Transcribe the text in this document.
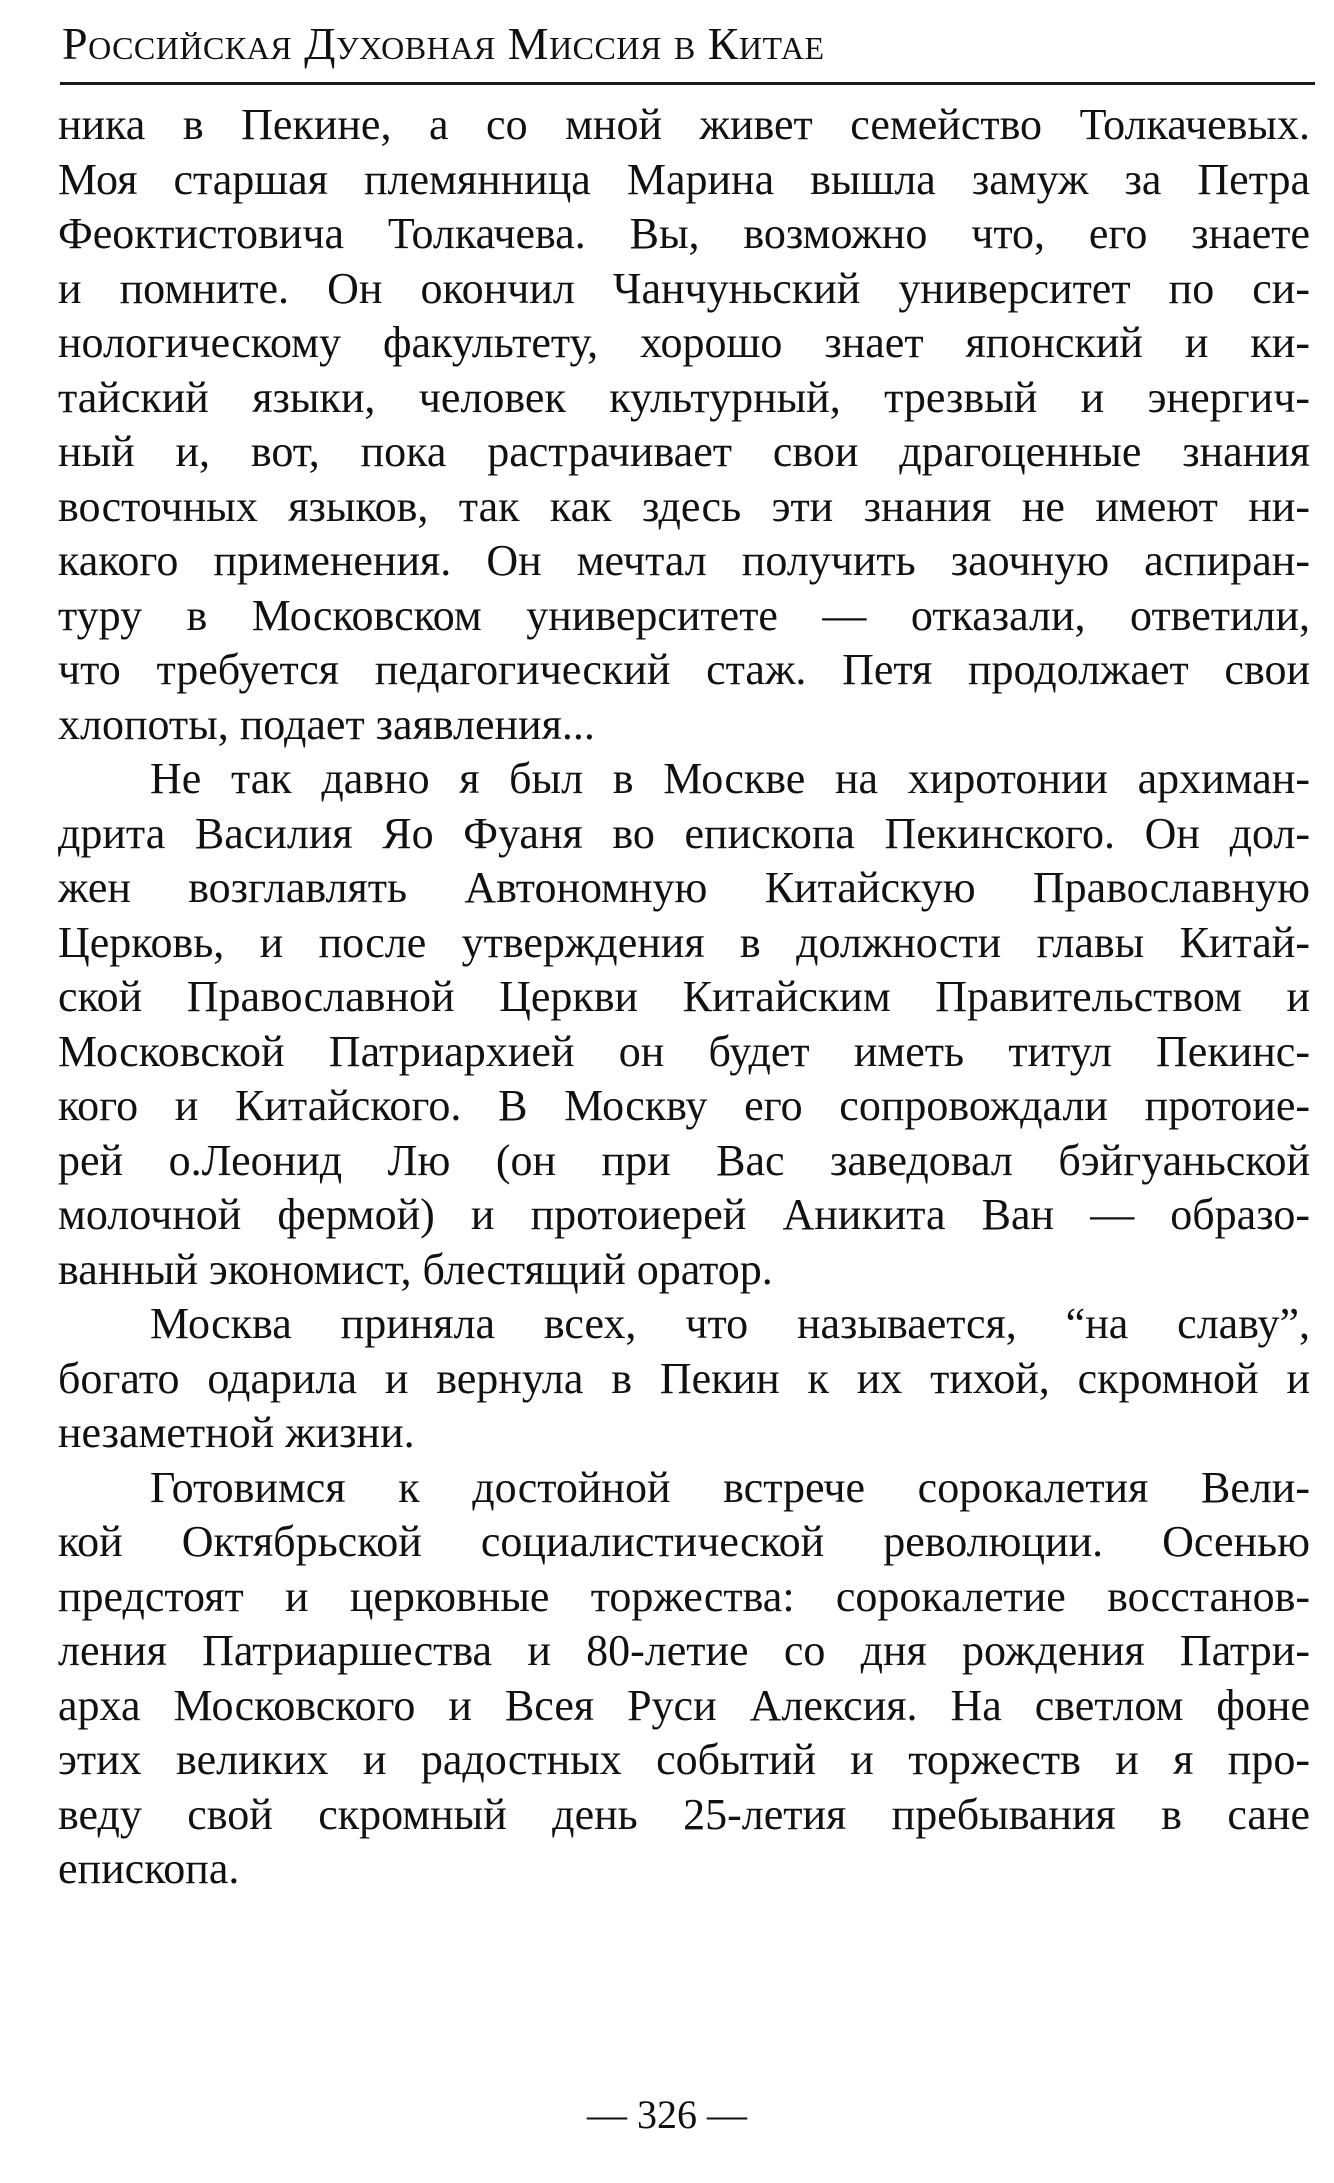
Российская Духовная Миссия в Китае
ника в Пекине, а со мной живет семейство Толкачевых.
Моя старшая племянница Марина вышла замуж за Петра
Феоктистовича Толкачева. Вы, возможно что, его знаете
и помните. Он окончил Чанчуньский университет по си-
нологическому факультету, хорошо знает японский и ки-
тайский языки, человек культурный, трезвый и энергич-
ный и, вот, пока растрачивает свои драгоценные знания
восточных языков, так как здесь эти знания не имеют ни-
какого применения. Он мечтал получить заочную аспиран-
туру в Московском университете — отказали, ответили,
что требуется педагогический стаж. Петя продолжает свои
хлопоты, подает заявления...
Не так давно я был в Москве на хиротонии архиман-
дрита Василия Яо Фуаня во епископа Пекинского. Он дол-
жен возглавлять Автономную Китайскую Православную
Церковь, и после утверждения в должности главы Китай-
ской Православной Церкви Китайским Правительством и
Московской Патриархией он будет иметь титул Пекинс-
кого и Китайского. В Москву его сопровождали протоие-
рей о.Леонид Лю (он при Вас заведовал бэйгуаньской
молочной фермой) и протоиерей Аникита Ван — образо-
ванный экономист, блестящий оратор.
Москва приняла всех, что называется, “на славу”,
богато одарила и вернула в Пекин к их тихой, скромной и
незаметной жизни.
Готовимся к достойной встрече сорокалетия Вели-
кой Октябрьской социалистической революции. Осенью
предстоят и церковные торжества: сорокалетие восстанов-
ления Патриаршества и 80-летие со дня рождения Патри-
арха Московского и Всея Руси Алексия. На светлом фоне
этих великих и радостных событий и торжеств и я про-
веду свой скромный день 25-летия пребывания в сане
епископа.
— 326 —
